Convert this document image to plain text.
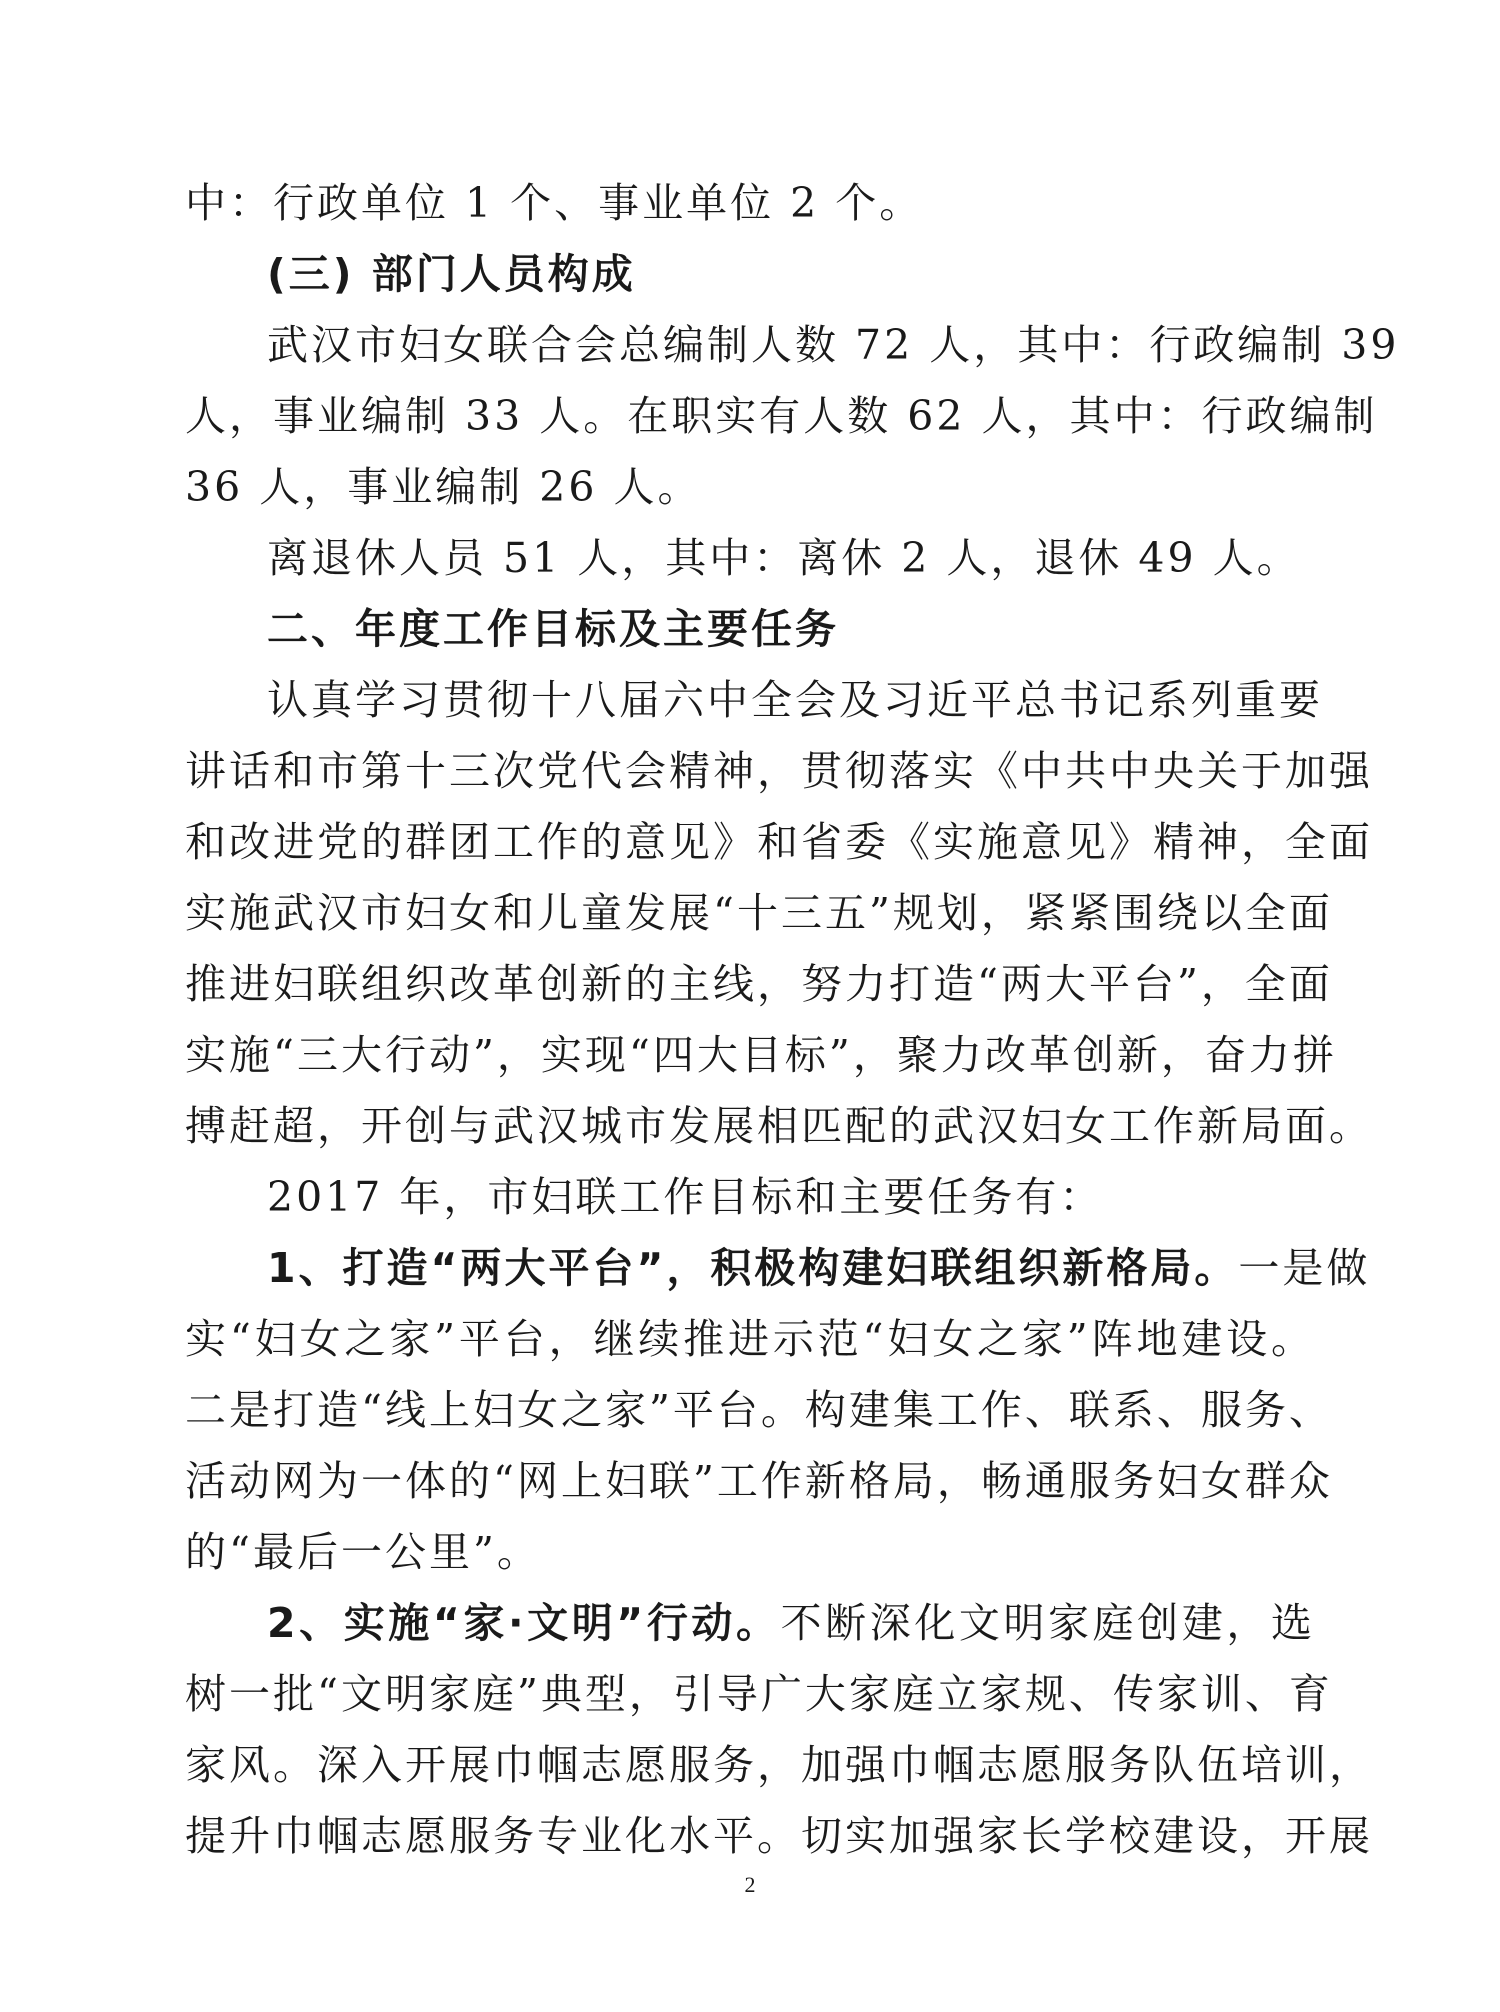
中：行政单位 1 个、事业单位 2 个。
(三) 部门人员构成
武汉市妇女联合会总编制人数 72 人，其中：行政编制 39
人，事业编制 33 人。在职实有人数 62 人，其中：行政编制
36 人，事业编制 26 人。
离退休人员 51 人，其中：离休 2 人，退休 49 人。
二、年度工作目标及主要任务
认真学习贯彻十八届六中全会及习近平总书记系列重要
讲话和市第十三次党代会精神，贯彻落实《中共中央关于加强
和改进党的群团工作的意见》和省委《实施意见》精神，全面
实施武汉市妇女和儿童发展“十三五”规划，紧紧围绕以全面
推进妇联组织改革创新的主线，努力打造“两大平台”，全面
实施“三大行动”，实现“四大目标”，聚力改革创新，奋力拼
搏赶超，开创与武汉城市发展相匹配的武汉妇女工作新局面。
2017 年，市妇联工作目标和主要任务有：
1、打造“两大平台”，积极构建妇联组织新格局。一是做
实“妇女之家”平台，继续推进示范“妇女之家”阵地建设。
二是打造“线上妇女之家”平台。构建集工作、联系、服务、
活动网为一体的“网上妇联”工作新格局，畅通服务妇女群众
的“最后一公里”。
2、实施“家·文明”行动。不断深化文明家庭创建，选
树一批“文明家庭”典型，引导广大家庭立家规、传家训、育
家风。深入开展巾帼志愿服务，加强巾帼志愿服务队伍培训，
提升巾帼志愿服务专业化水平。切实加强家长学校建设，开展
2
